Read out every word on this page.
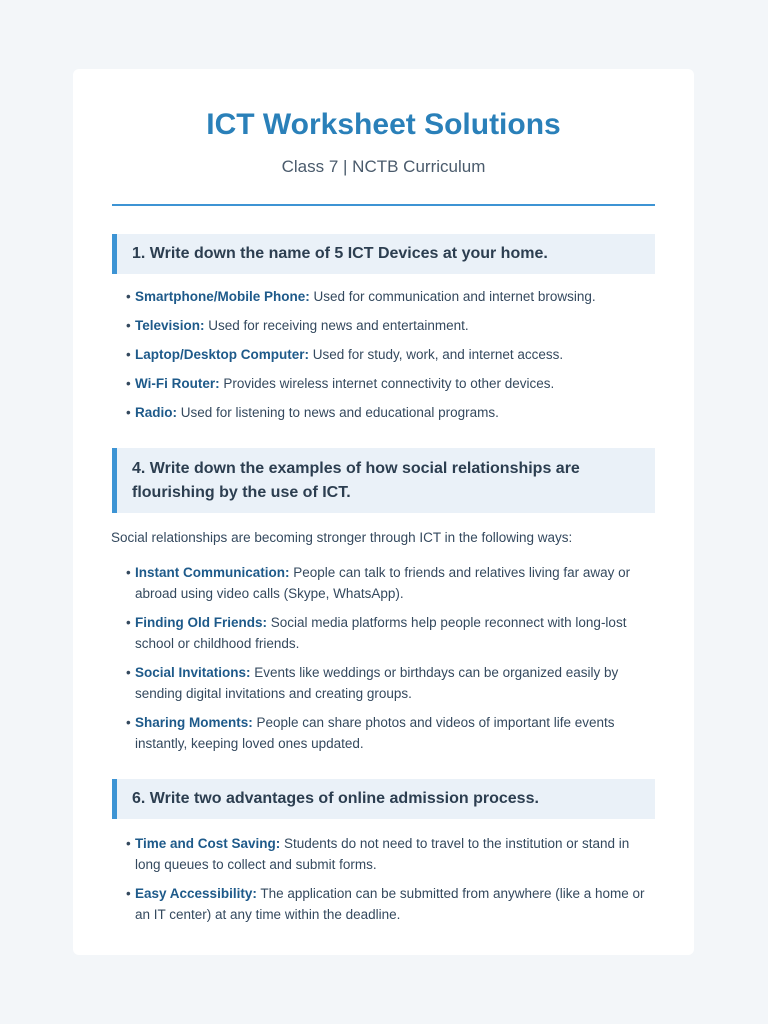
ICT Worksheet Solutions

Class 7 | NCTB Curriculum

1. Write down the name of 5 ICT Devices at your home.
• Smartphone/Mobile Phone: Used for communication and internet browsing.
• Television: Used for receiving news and entertainment.
• Laptop/Desktop Computer: Used for study, work, and internet access.
• Wi-Fi Router: Provides wireless internet connectivity to other devices.
• Radio: Used for listening to news and educational programs.
4. Write down the examples of how social relationships are flourishing by the use of ICT.

Social relationships are becoming stronger through ICT in the following ways:

• Instant Communication: People can talk to friends and relatives living far away or abroad using video calls (Skype, WhatsApp).
• Finding Old Friends: Social media platforms help people reconnect with long-lost school or childhood friends.
• Social Invitations: Events like weddings or birthdays can be organized easily by sending digital invitations and creating groups.
• Sharing Moments: People can share photos and videos of important life events instantly, keeping loved ones updated.
6. Write two advantages of online admission process.
• Time and Cost Saving: Students do not need to travel to the institution or stand in long queues to collect and submit forms.
• Easy Accessibility: The application can be submitted from anywhere (like a home or an IT center) at any time within the deadline.
